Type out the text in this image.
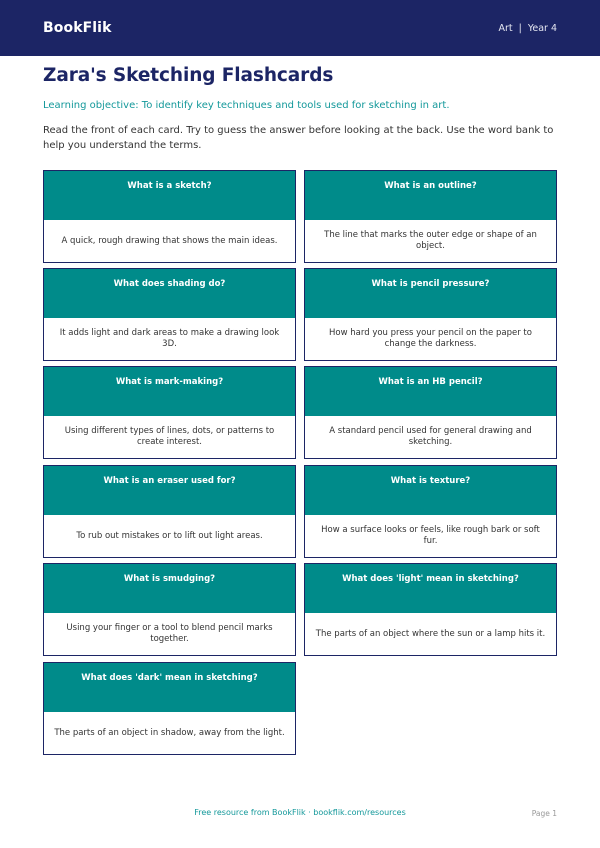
BookFlik	Art | Year 4
Zara's Sketching Flashcards
Learning objective: To identify key techniques and tools used for sketching in art.
Read the front of each card. Try to guess the answer before looking at the back. Use the word bank to help you understand the terms.
What is a sketch?
A quick, rough drawing that shows the main ideas.
What is an outline?
The line that marks the outer edge or shape of an object.
What does shading do?
It adds light and dark areas to make a drawing look 3D.
What is pencil pressure?
How hard you press your pencil on the paper to change the darkness.
What is mark-making?
Using different types of lines, dots, or patterns to create interest.
What is an HB pencil?
A standard pencil used for general drawing and sketching.
What is an eraser used for?
To rub out mistakes or to lift out light areas.
What is texture?
How a surface looks or feels, like rough bark or soft fur.
What is smudging?
Using your finger or a tool to blend pencil marks together.
What does 'light' mean in sketching?
The parts of an object where the sun or a lamp hits it.
What does 'dark' mean in sketching?
The parts of an object in shadow, away from the light.
Free resource from BookFlik · bookflik.com/resources	Page 1
